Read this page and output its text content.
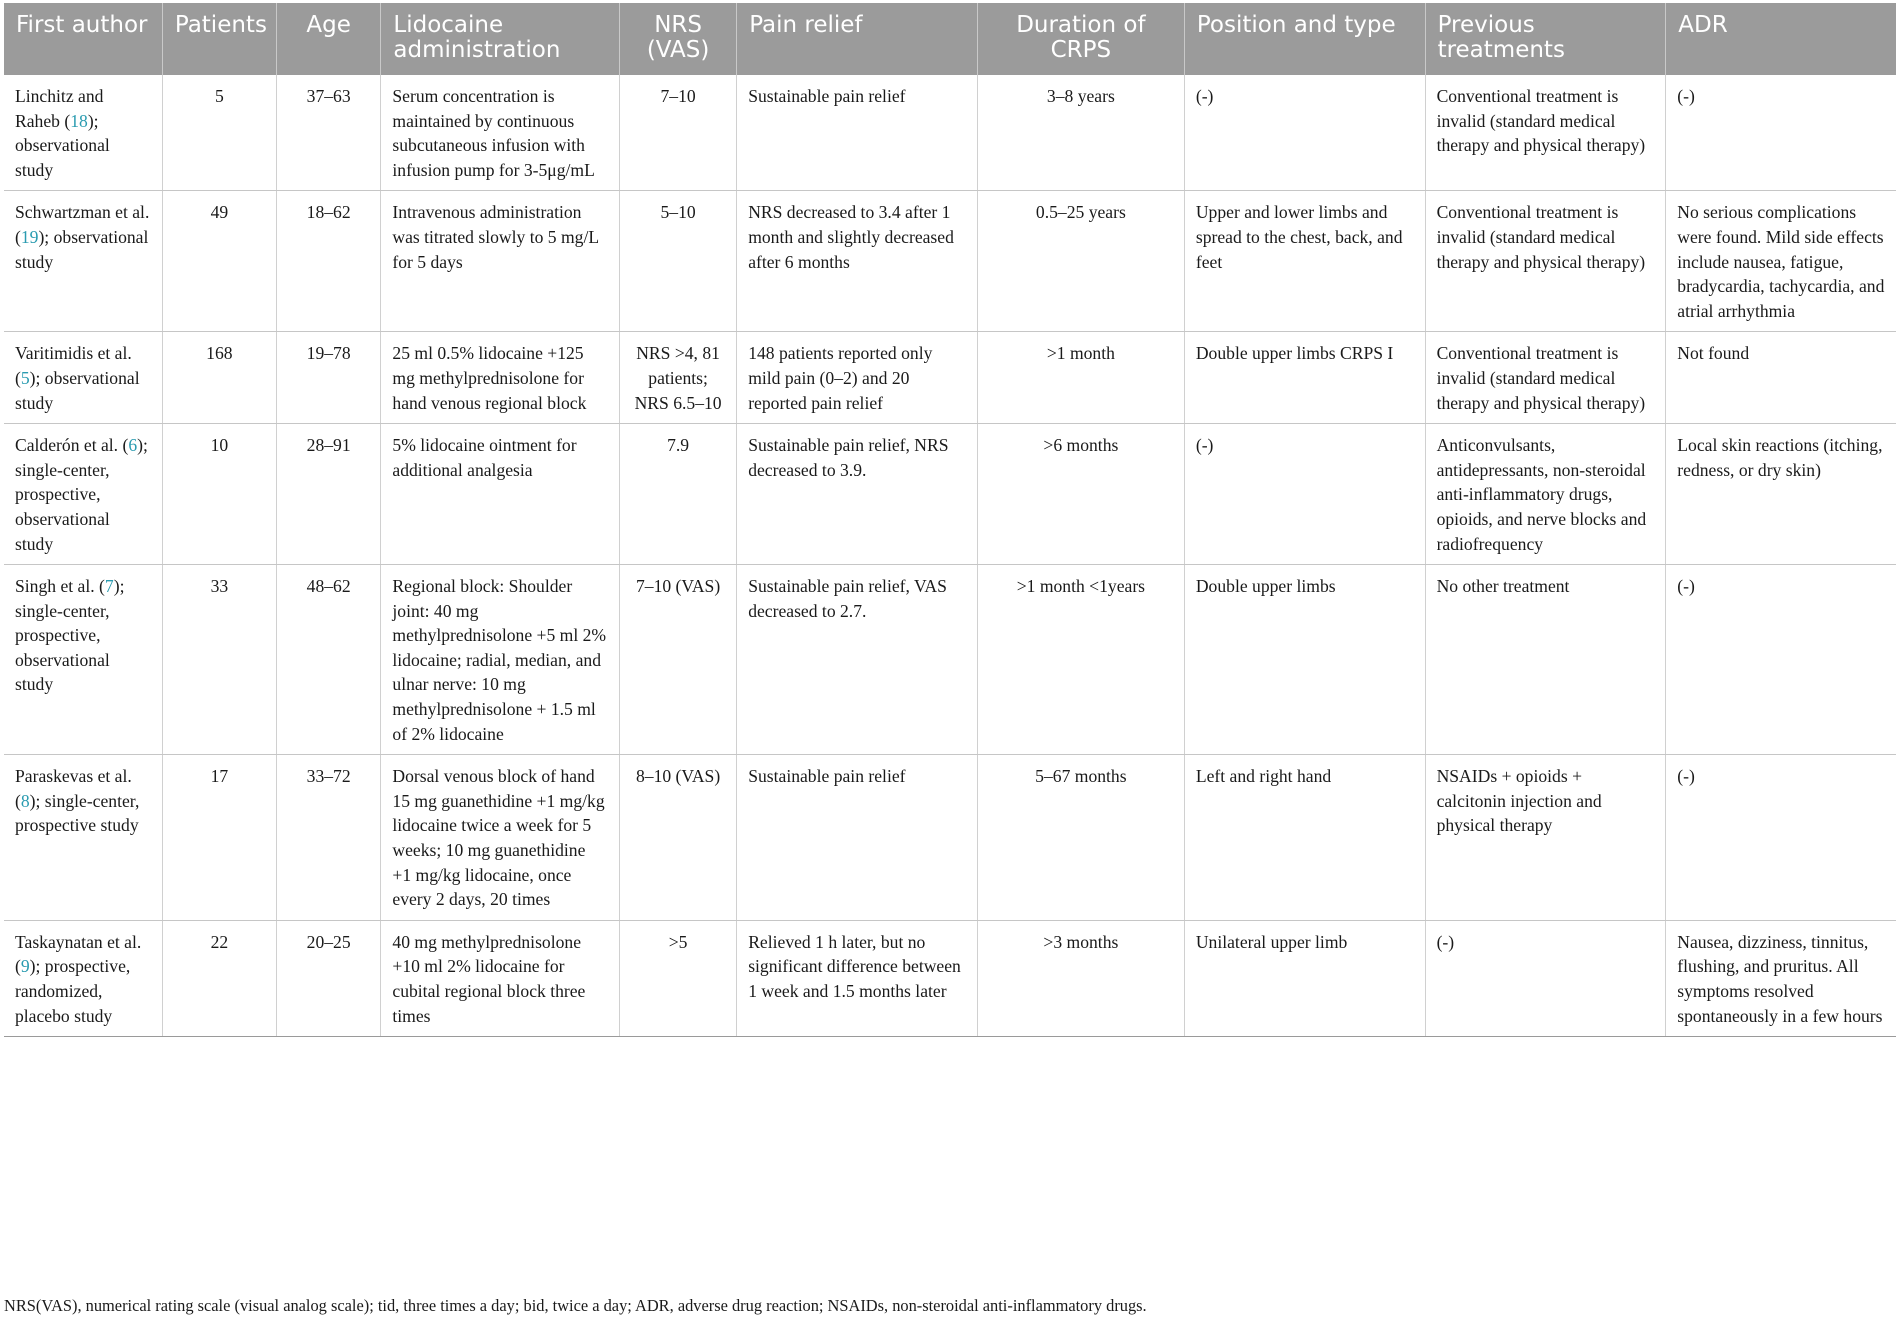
First author	Patients	Age	Lidocaine administration	NRS (VAS)	Pain relief	Duration of CRPS	Position and type	Previous treatments	ADR
Linchitz and Raheb (18); observational study	5	37–63	Serum concentration is maintained by continuous subcutaneous infusion with infusion pump for 3-5μg/mL	7–10	Sustainable pain relief	3–8 years	(-)	Conventional treatment is invalid (standard medical therapy and physical therapy)	(-)
Schwartzman et al. (19); observational study	49	18–62	Intravenous administration was titrated slowly to 5 mg/L for 5 days	5–10	NRS decreased to 3.4 after 1 month and slightly decreased after 6 months	0.5–25 years	Upper and lower limbs and spread to the chest, back, and feet	Conventional treatment is invalid (standard medical therapy and physical therapy)	No serious complications were found. Mild side effects include nausea, fatigue, bradycardia, tachycardia, and atrial arrhythmia
Varitimidis et al. (5); observational study	168	19–78	25 ml 0.5% lidocaine +125 mg methylprednisolone for hand venous regional block	NRS >4, 81 patients; NRS 6.5–10	148 patients reported only mild pain (0–2) and 20 reported pain relief	>1 month	Double upper limbs CRPS I	Conventional treatment is invalid (standard medical therapy and physical therapy)	Not found
Calderón et al. (6); single-center, prospective, observational study	10	28–91	5% lidocaine ointment for additional analgesia	7.9	Sustainable pain relief, NRS decreased to 3.9.	>6 months	(-)	Anticonvulsants, antidepressants, non-steroidal anti-inflammatory drugs, opioids, and nerve blocks and radiofrequency	Local skin reactions (itching, redness, or dry skin)
Singh et al. (7); single-center, prospective, observational study	33	48–62	Regional block: Shoulder joint: 40 mg methylprednisolone +5 ml 2% lidocaine; radial, median, and ulnar nerve: 10 mg methylprednisolone + 1.5 ml of 2% lidocaine	7–10 (VAS)	Sustainable pain relief, VAS decreased to 2.7.	>1 month <1years	Double upper limbs	No other treatment	(-)
Paraskevas et al. (8); single-center, prospective study	17	33–72	Dorsal venous block of hand 15 mg guanethidine +1 mg/kg lidocaine twice a week for 5 weeks; 10 mg guanethidine +1 mg/kg lidocaine, once every 2 days, 20 times	8–10 (VAS)	Sustainable pain relief	5–67 months	Left and right hand	NSAIDs + opioids + calcitonin injection and physical therapy	(-)
Taskaynatan et al. (9); prospective, randomized, placebo study	22	20–25	40 mg methylprednisolone +10 ml 2% lidocaine for cubital regional block three times	>5	Relieved 1 h later, but no significant difference between 1 week and 1.5 months later	>3 months	Unilateral upper limb	(-)	Nausea, dizziness, tinnitus, flushing, and pruritus. All symptoms resolved spontaneously in a few hours
NRS(VAS), numerical rating scale (visual analog scale); tid, three times a day; bid, twice a day; ADR, adverse drug reaction; NSAIDs, non-steroidal anti-inflammatory drugs.
